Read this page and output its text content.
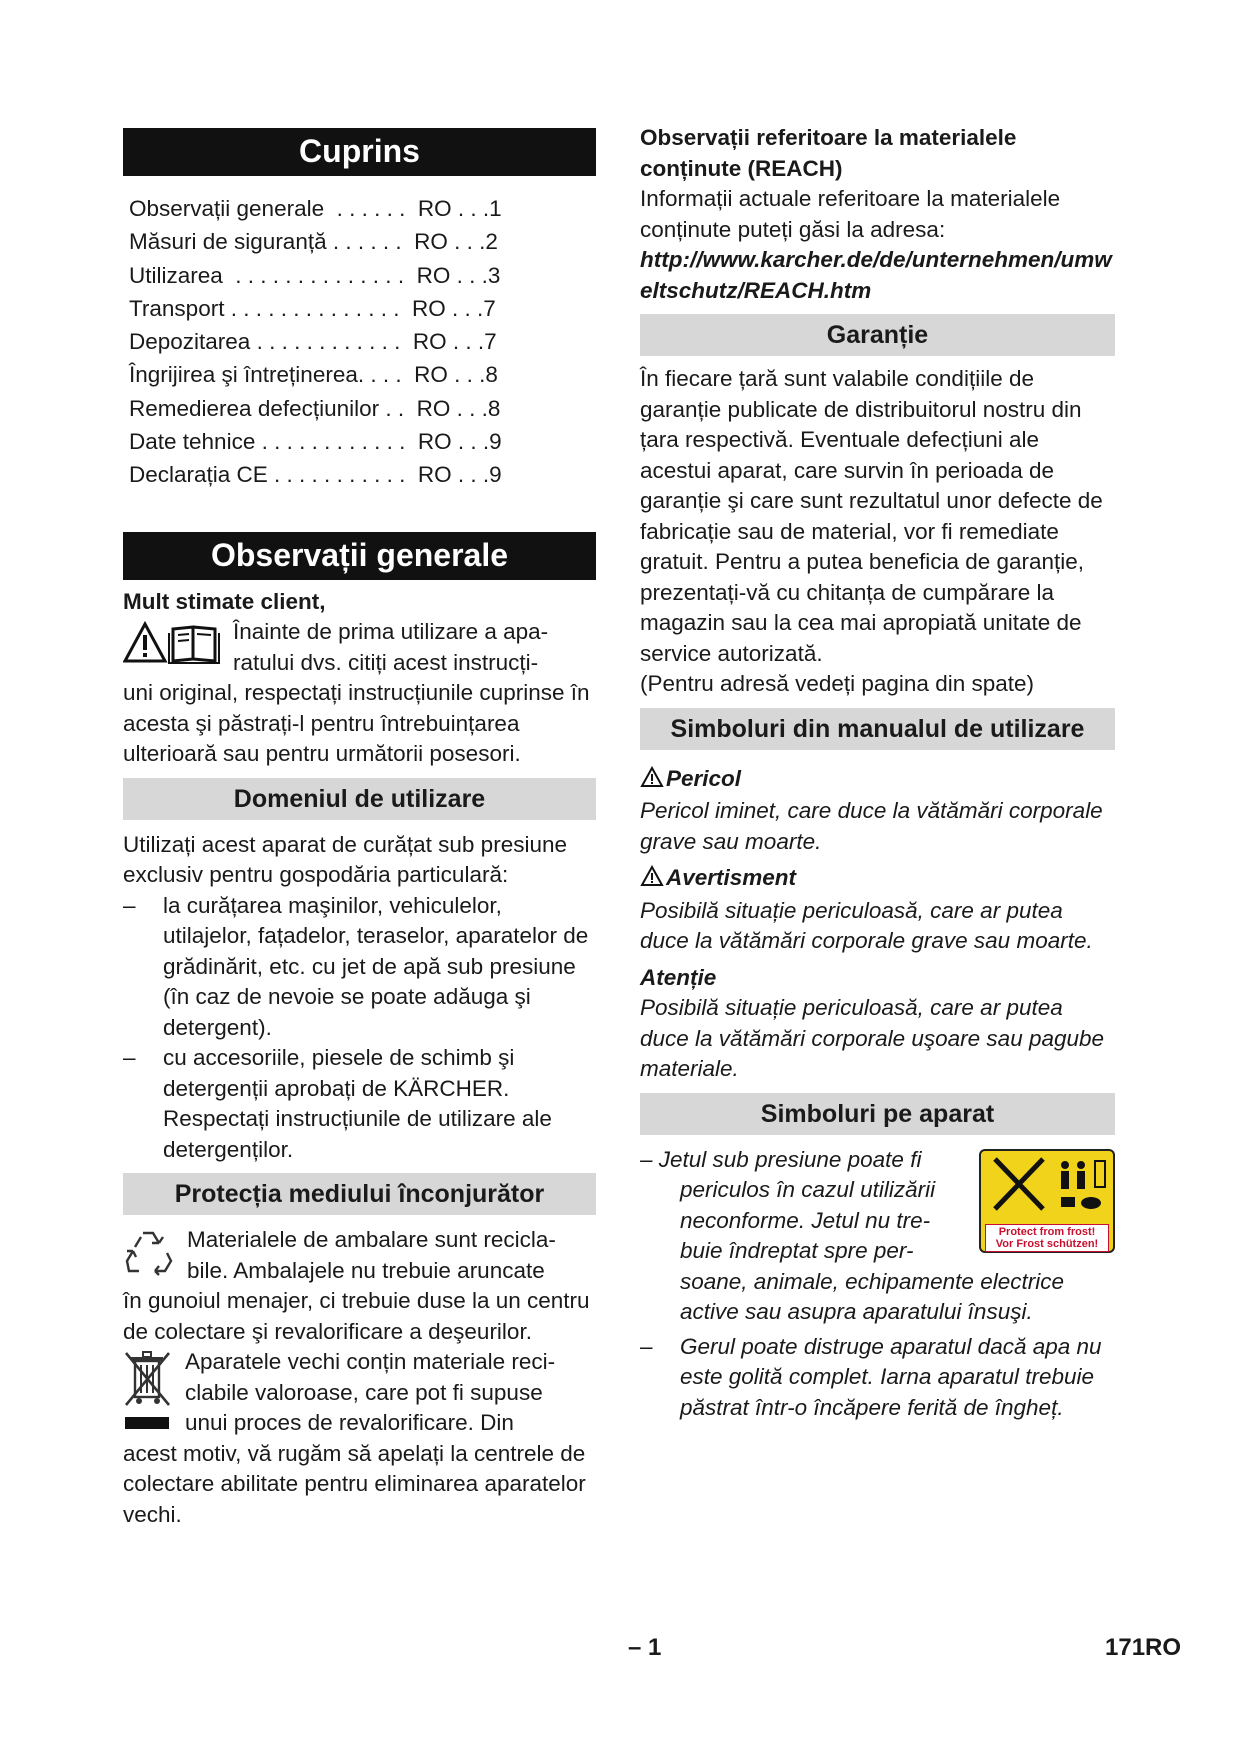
Cuprins
Observații generale  . . . . . .  RO . . .1
Măsuri de siguranță . . . . . .  RO . . .2
Utilizarea  . . . . . . . . . . . . . .  RO . . .3
Transport . . . . . . . . . . . . . .  RO . . .7
Depozitarea . . . . . . . . . . . .  RO . . .7
Îngrijirea şi întreținerea. . . .  RO . . .8
Remedierea defecțiunilor . .  RO . . .8
Date tehnice . . . . . . . . . . . .  RO . . .9
Declarația CE . . . . . . . . . . .  RO . . .9
Observații generale

Mult stimate client,

Înainte de prima utilizare a apa-

ratului dvs. citiți acest instrucți-

uni original, respectați instrucțiunile cuprinse în acesta şi păstrați-l pentru întrebuințarea ulterioară sau pentru următorii posesori.

Domeniul de utilizare

Utilizați acest aparat de curățat sub presiune exclusiv pentru gospodăria particulară:

– la curățarea maşinilor, vehiculelor, utilajelor, fațadelor, teraselor, aparatelor de grădinărit, etc. cu jet de apă sub presiune (în caz de nevoie se poate adăuga şi detergent).
– cu accesoriile, piesele de schimb şi detergenții aprobați de KÄRCHER. Respectați instrucțiunile de utilizare ale detergenților.
Protecția mediului înconjurător

Materialele de ambalare sunt recicla-

bile. Ambalajele nu trebuie aruncate

în gunoiul menajer, ci trebuie duse la un centru de colectare şi revalorificare a deşeurilor.

Aparatele vechi conțin materiale reci-

clabile valoroase, care pot fi supuse

unui proces de revalorificare. Din

acest motiv, vă rugăm să apelați la centrele de colectare abilitate pentru eliminarea aparatelor vechi.

Observații referitoare la materialele conținute (REACH)

Informații actuale referitoare la materialele conținute puteți găsi la adresa:

http://www.karcher.de/de/unternehmen/umweltschutz/REACH.htm

Garanție

În fiecare țară sunt valabile condițiile de garanție publicate de distribuitorul nostru din țara respectivă. Eventuale defecțiuni ale acestui aparat, care survin în perioada de garanție şi care sunt rezultatul unor defecte de fabricație sau de material, vor fi remediate gratuit. Pentru a putea beneficia de garanție, prezentați-vă cu chitanța de cumpărare la magazin sau la cea mai apropiată unitate de service autorizată.

(Pentru adresă vedeți pagina din spate)

Simboluri din manualul de utilizare

Pericol

Pericol iminet, care duce la vătămări corporale grave sau moarte.

Avertisment

Posibilă situație periculoasă, care ar putea duce la vătămări corporale grave sau moarte.

Atenție

Posibilă situație periculoasă, care ar putea duce la vătămări corporale uşoare sau pagube materiale.

Simboluri pe aparat
Protect from frost!
Vor Frost schützen!

– Jetul sub presiune poate fi

periculos în cazul utilizării

neconforme. Jetul nu tre-

buie îndreptat spre per-

soane, animale, echipamente electrice active sau asupra aparatului însuşi.

– Gerul poate distruge aparatul dacă apa nu este golită complet. Iarna aparatul trebuie păstrat într-o încăpere ferită de îngheț.
– 1	171RO
